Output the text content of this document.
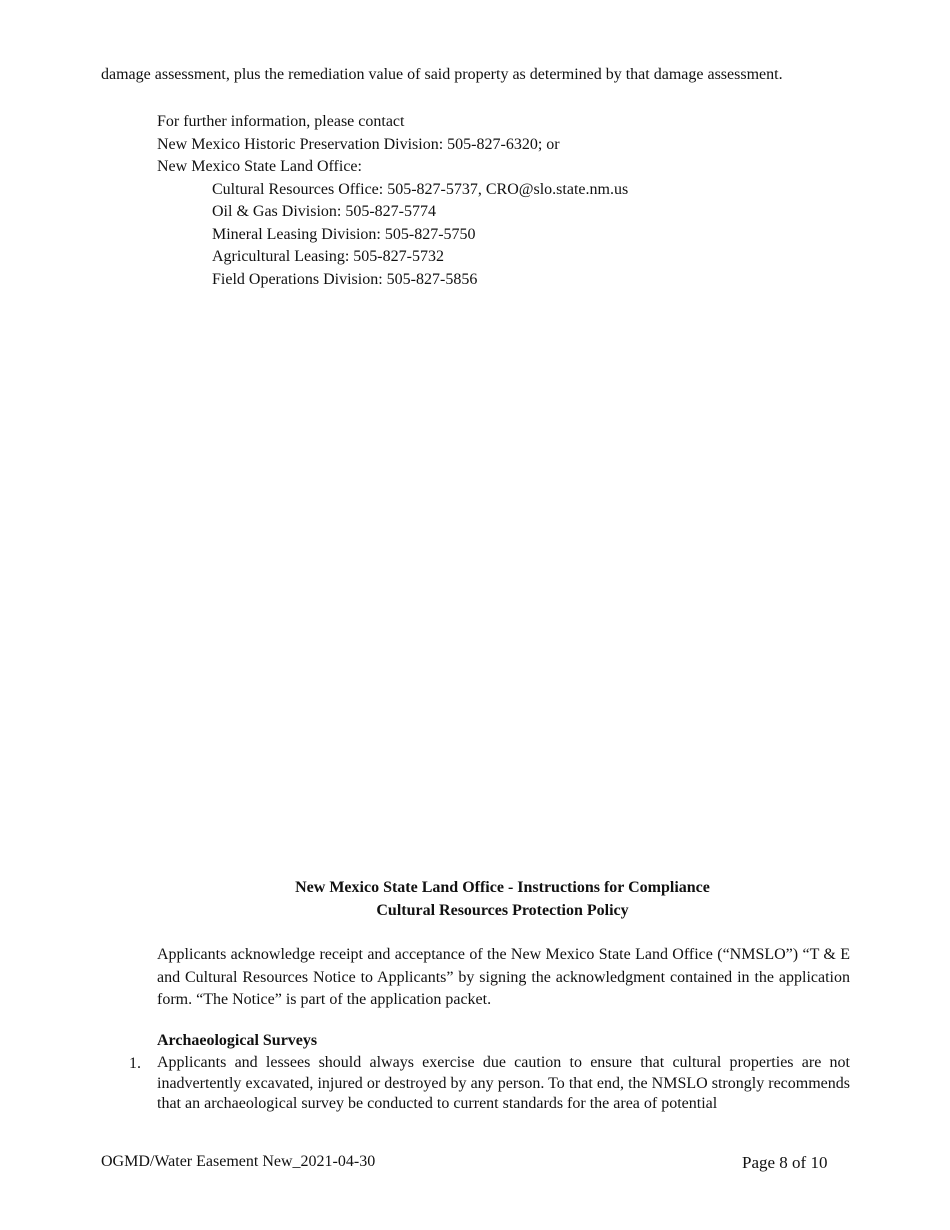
damage assessment, plus the remediation value of said property as determined by that damage assessment.
For further information, please contact
New Mexico Historic Preservation Division: 505-827-6320; or
New Mexico State Land Office:
Cultural Resources Office: 505-827-5737, CRO@slo.state.nm.us
Oil & Gas Division: 505-827-5774
Mineral Leasing Division: 505-827-5750
Agricultural Leasing: 505-827-5732
Field Operations Division: 505-827-5856
New Mexico State Land Office - Instructions for Compliance
Cultural Resources Protection Policy
Applicants acknowledge receipt and acceptance of the New Mexico State Land Office (“NMSLO”) “T & E and Cultural Resources Notice to Applicants” by signing the acknowledgment contained in the application form. “The Notice” is part of the application packet.
Archaeological Surveys
1. Applicants and lessees should always exercise due caution to ensure that cultural properties are not inadvertently excavated, injured or destroyed by any person. To that end, the NMSLO strongly recommends that an archaeological survey be conducted to current standards for the area of potential
OGMD/Water Easement New_2021-04-30	Page 8 of 10
